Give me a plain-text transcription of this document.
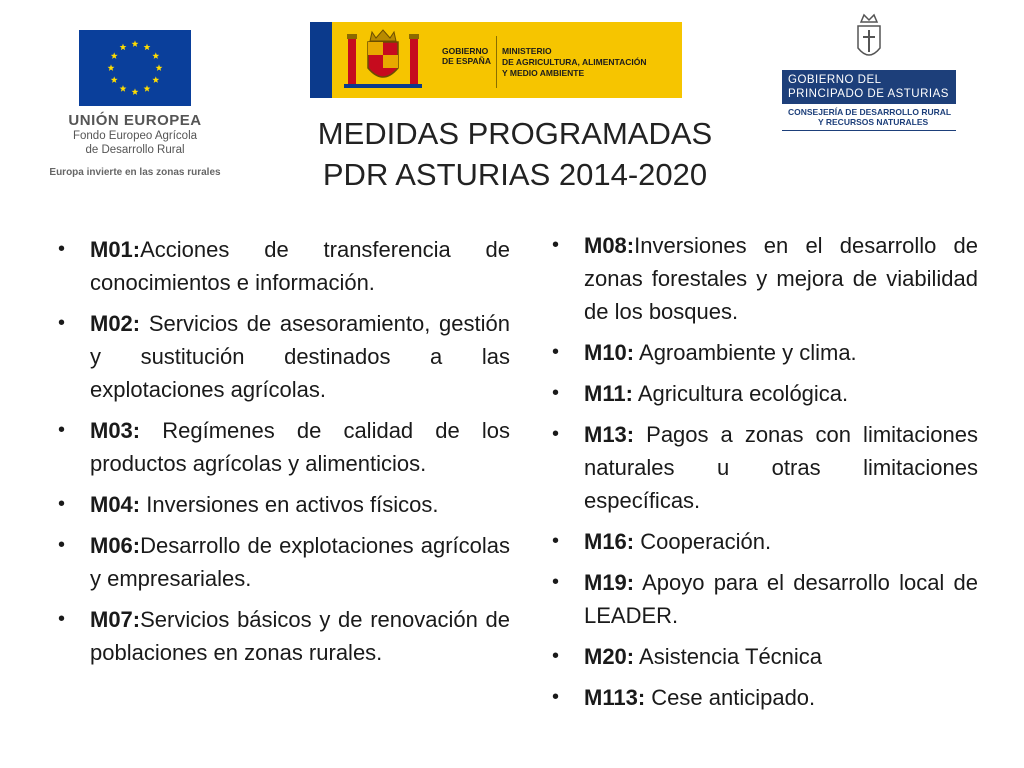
UNIÓN EUROPEA
Fondo Europeo Agrícola
de Desarrollo Rural
Europa invierte en las zonas rurales
GOBIERNO
DE ESPAÑA
MINISTERIO
DE AGRICULTURA, ALIMENTACIÓN
Y MEDIO AMBIENTE
GOBIERNO DEL
PRINCIPADO DE ASTURIAS
CONSEJERÍA DE DESARROLLO RURAL
Y RECURSOS NATURALES
MEDIDAS PROGRAMADAS
PDR ASTURIAS 2014-2020
• M01:Acciones de transferencia de conocimientos e información.
• M02: Servicios de asesoramiento, gestión y sustitución destinados a las explotaciones agrícolas.
• M03: Regímenes de calidad de los productos agrícolas y alimenticios.
• M04: Inversiones en activos físicos.
• M06:Desarrollo de explotaciones agrícolas y empresariales.
• M07:Servicios básicos y de renovación de poblaciones en zonas rurales.
• M08:Inversiones en el desarrollo de zonas forestales y mejora de viabilidad de los bosques.
• M10: Agroambiente y clima.
• M11: Agricultura ecológica.
• M13: Pagos a zonas con limitaciones naturales u otras limitaciones específicas.
• M16: Cooperación.
• M19: Apoyo para el desarrollo local de LEADER.
• M20: Asistencia Técnica
• M113: Cese anticipado.
